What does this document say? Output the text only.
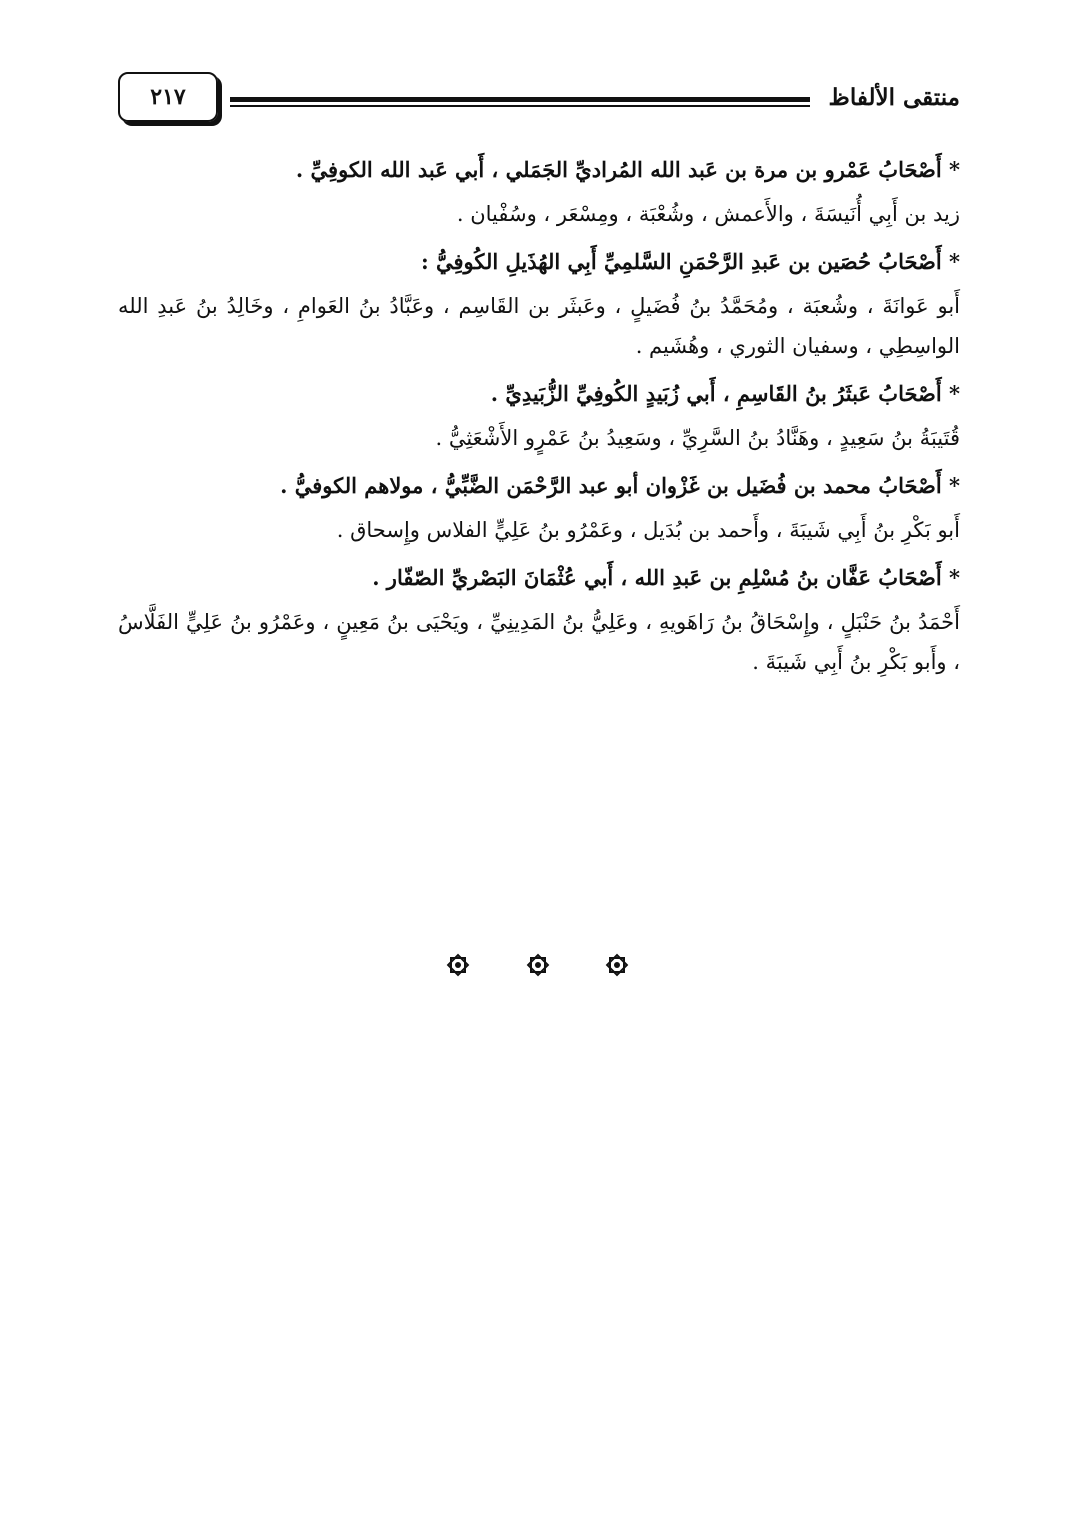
منتقى الألفاظ
٢١٧
* أَصْحَابُ عَمْرو بن مرة بن عَبد الله المُراديِّ الجَمَلي ، أَبي عَبد الله الكوفِيِّ .
زيد بن أَبِي أُنَيسَةَ ، والأَعمش ، وشُعْبَة ، ومِسْعَر ، وسُفْيان .
* أَصْحَابُ حُصَين بن عَبدِ الرَّحْمَنِ السَّلمِيِّ أَبِي الهُذَيلِ الكُوفِيُّ :

أَبو عَوانَةَ ، وشُعبَة ، ومُحَمَّدُ بنُ فُضَيلٍ ، وعَبثَر بن القَاسِم ، وعَبَّادُ بنُ العَوامِ ، وخَالِدُ بنُ عَبدِ الله الواسِطِي ، وسفيان الثوري ، وهُشَيم .

* أَصْحَابُ عَبثَرُ بنُ القَاسِمِ ، أَبي زُبَيدٍ الكُوفِيِّ الزُّبَيدِيِّ .
قُتَيبَةُ بنُ سَعِيدٍ ، وهَنَّادُ بنُ السَّرِيِّ ، وسَعِيدُ بنُ عَمْرٍو الأَشْعَثِيُّ .
* أَصْحَابُ محمد بن فُضَيل بن غَزْوان أبو عبد الرَّحْمَن الضَّبِّيُّ ، مولاهم الكوفيُّ .
أَبو بَكْرِ بنُ أَبِي شَيبَةَ ، وأَحمد بن بُدَيل ، وعَمْرُو بنُ عَلِيٍّ الفلاس وإِسحاق .
* أَصْحَابُ عَفَّان بنُ مُسْلِمِ بن عَبدِ الله ، أَبي عُثْمَانَ البَصْريِّ الصّفّار .

أَحْمَدُ بنُ حَنْبَلٍ ، وإِسْحَاقُ بنُ رَاهَويهِ ، وعَلِيُّ بنُ المَدِينِيِّ ، ويَحْيَى بنُ مَعِينٍ ، وعَمْرُو بنُ عَلِيٍّ الفَلَّاسُ ، وأَبو بَكْرِ بنُ أَبِي شَيبَةَ .
